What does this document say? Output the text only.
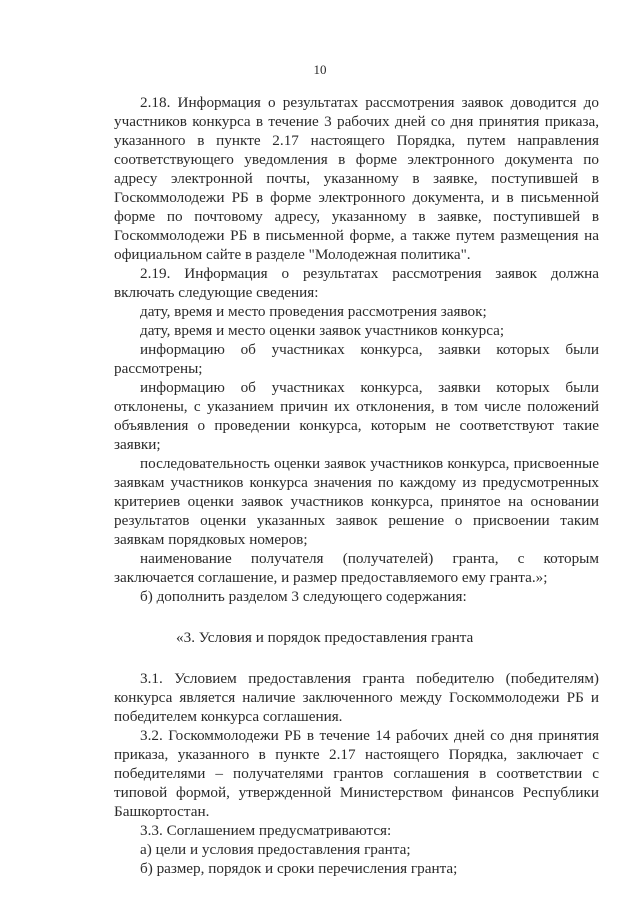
10

2.18. Информация о результатах рассмотрения заявок доводится до участников конкурса в течение 3 рабочих дней со дня принятия приказа, указанного в пункте 2.17 настоящего Порядка, путем направления соответствующего уведомления в форме электронного документа по адресу электронной почты, указанному в заявке, поступившей в Госкоммолодежи РБ в форме электронного документа, и в письменной форме по почтовому адресу, указанному в заявке, поступившей в Госкоммолодежи РБ в письменной форме, а также путем размещения на официальном сайте в разделе "Молодежная политика".

2.19. Информация о результатах рассмотрения заявок должна включать следующие сведения:

дату, время и место проведения рассмотрения заявок;

дату, время и место оценки заявок участников конкурса;

информацию об участниках конкурса, заявки которых были рассмотрены;

информацию об участниках конкурса, заявки которых были отклонены, с указанием причин их отклонения, в том числе положений объявления о проведении конкурса, которым не соответствуют такие заявки;

последовательность оценки заявок участников конкурса, присвоенные заявкам участников конкурса значения по каждому из предусмотренных критериев оценки заявок участников конкурса, принятое на основании результатов оценки указанных заявок решение о присвоении таким заявкам порядковых номеров;

наименование получателя (получателей) гранта, с которым заключается соглашение, и размер предоставляемого ему гранта.»;

б) дополнить разделом 3 следующего содержания:

«3. Условия и порядок предоставления гранта

3.1. Условием предоставления гранта победителю (победителям) конкурса является наличие заключенного между Госкоммолодежи РБ и победителем конкурса соглашения.

3.2. Госкоммолодежи РБ в течение 14 рабочих дней со дня принятия приказа, указанного в пункте 2.17 настоящего Порядка, заключает с победителями – получателями грантов соглашения в соответствии с типовой формой, утвержденной Министерством финансов Республики Башкортостан.

3.3. Соглашением предусматриваются:

а) цели и условия предоставления гранта;

б) размер, порядок и сроки перечисления гранта;
